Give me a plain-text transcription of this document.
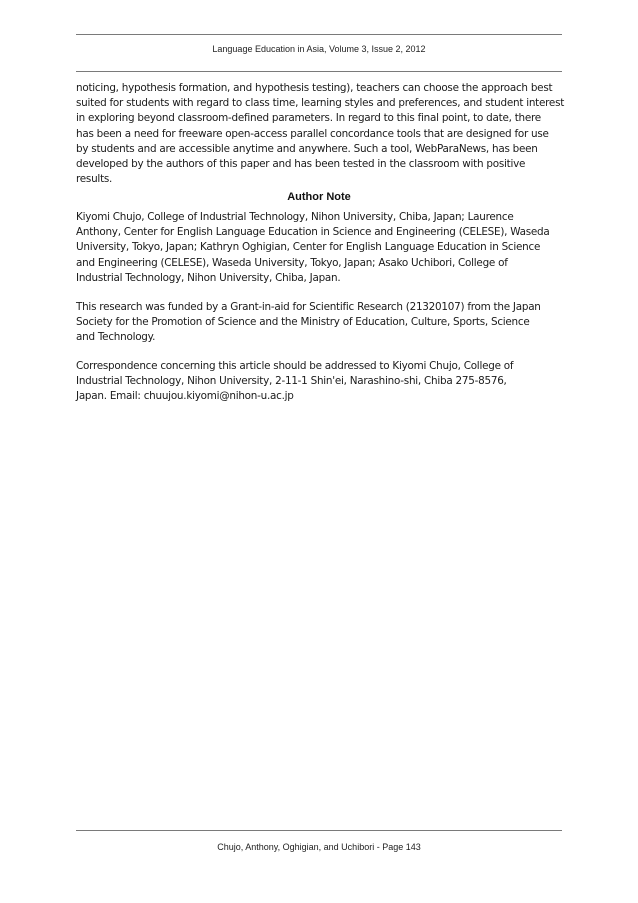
Language Education in Asia, Volume 3, Issue 2, 2012
noticing, hypothesis formation, and hypothesis testing), teachers can choose the approach best
suited for students with regard to class time, learning styles and preferences, and student interest
in exploring beyond classroom-defined parameters. In regard to this final point, to date, there
has been a need for freeware open-access parallel concordance tools that are designed for use
by students and are accessible anytime and anywhere. Such a tool, WebParaNews, has been
developed by the authors of this paper and has been tested in the classroom with positive
results.
Author Note
Kiyomi Chujo, College of Industrial Technology, Nihon University, Chiba, Japan; Laurence
Anthony, Center for English Language Education in Science and Engineering (CELESE), Waseda
University, Tokyo, Japan; Kathryn Oghigian, Center for English Language Education in Science
and Engineering (CELESE), Waseda University, Tokyo, Japan; Asako Uchibori, College of
Industrial Technology, Nihon University, Chiba, Japan.
This research was funded by a Grant-in-aid for Scientific Research (21320107) from the Japan
Society for the Promotion of Science and the Ministry of Education, Culture, Sports, Science
and Technology.
Correspondence concerning this article should be addressed to Kiyomi Chujo, College of
Industrial Technology, Nihon University, 2-11-1 Shin'ei, Narashino-shi, Chiba 275-8576,
Japan. Email: chuujou.kiyomi@nihon-u.ac.jp
Chujo, Anthony, Oghigian, and Uchibori - Page 143
